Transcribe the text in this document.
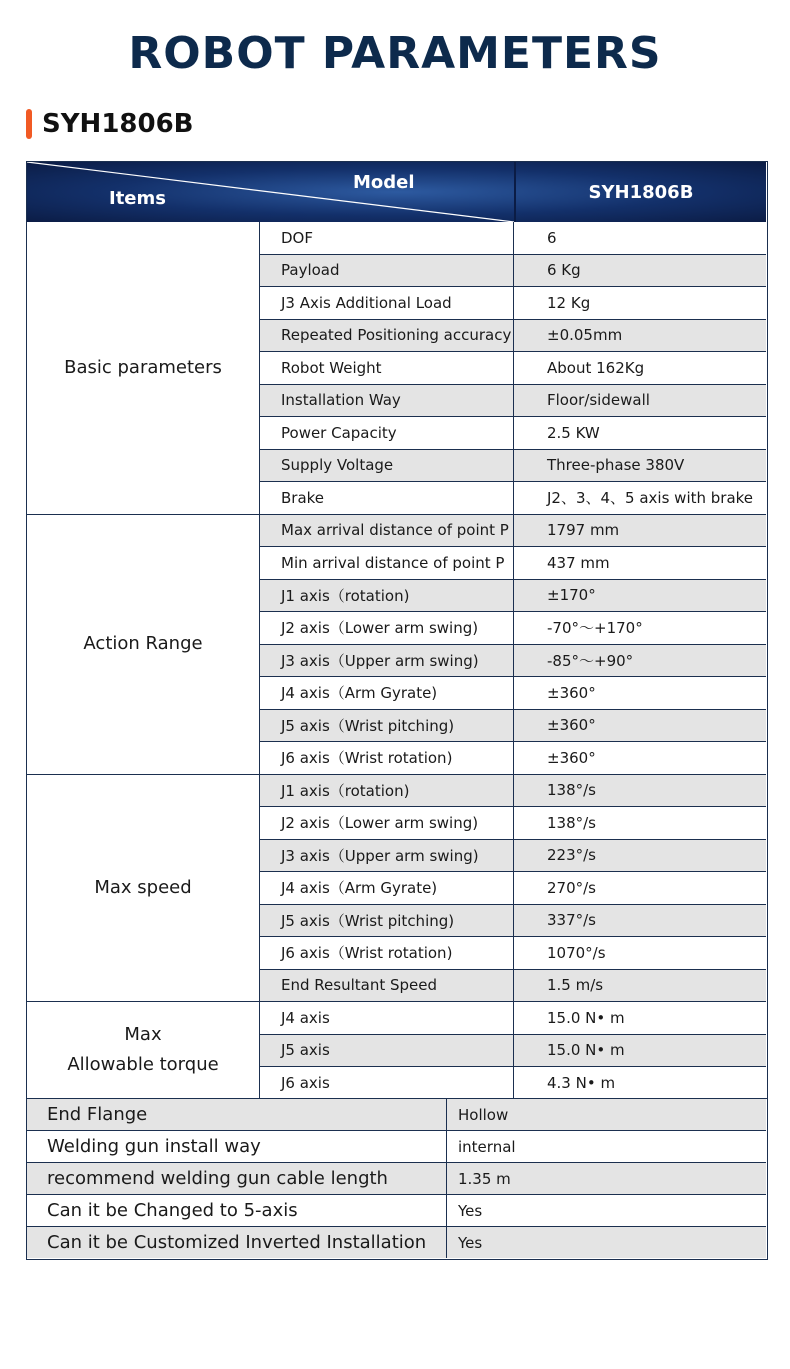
ROBOT PARAMETERS
SYH1806B
Items
Model	SYH1806B
Basic parameters
DOF	6
Payload	6 Kg
J3 Axis Additional Load	12 Kg
Repeated Positioning accuracy	±0.05mm
Robot Weight	About 162Kg
Installation Way	Floor/sidewall
Power Capacity	2.5 KW
Supply Voltage	Three-phase 380V
Brake	J2、3、4、5 axis with brake
Action Range
Max arrival distance of point P	1797 mm
Min arrival distance of point P	437 mm
J1 axis（rotation)	±170°
J2 axis（Lower arm swing)	-70°～+170°
J3 axis（Upper arm swing)	-85°～+90°
J4 axis（Arm Gyrate)	±360°
J5 axis（Wrist pitching)	±360°
J6 axis（Wrist rotation)	±360°
Max speed
J1 axis（rotation)	138°/s
J2 axis（Lower arm swing)	138°/s
J3 axis（Upper arm swing)	223°/s
J4 axis（Arm Gyrate)	270°/s
J5 axis（Wrist pitching)	337°/s
J6 axis（Wrist rotation)	1070°/s
End Resultant Speed	1.5 m/s
Max
Allowable torque
J4 axis	15.0 N• m
J5 axis	15.0 N• m
J6 axis	4.3 N• m
End Flange	Hollow
Welding gun install way	internal
recommend welding gun cable length	1.35 m
Can it be Changed to 5-axis	Yes
Can it be Customized Inverted Installation	Yes
